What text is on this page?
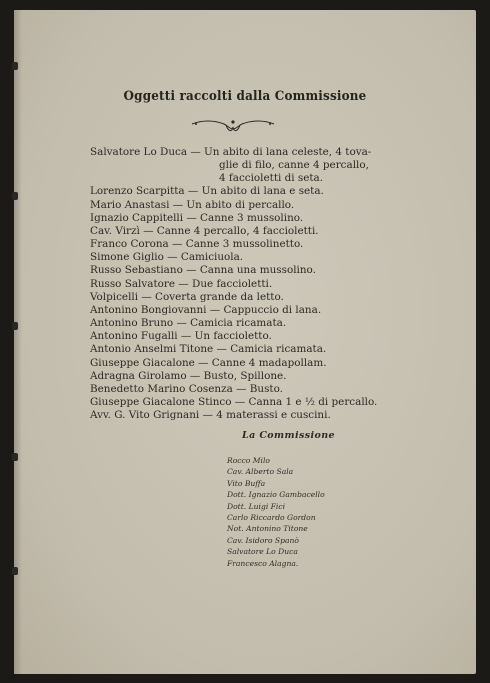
Oggetti raccolti dalla Commissione
Salvatore Lo Duca — Un abito di lana celeste, 4 tova-
glie di filo, canne 4 percallo,
4 faccioletti di seta.
Lorenzo Scarpitta — Un abito di lana e seta.
Mario Anastasi — Un abito di percallo.
Ignazio Cappitelli — Canne 3 mussolino.
Cav. Virzì — Canne 4 percallo, 4 faccioletti.
Franco Corona — Canne 3 mussolinetto.
Simone Giglio — Camiciuola.
Russo Sebastiano — Canna una mussolino.
Russo Salvatore — Due faccioletti.
Volpicelli — Coverta grande da letto.
Antonino Bongiovanni — Cappuccio di lana.
Antonino Bruno — Camicia ricamata.
Antonino Fugalli — Un faccioletto.
Antonio Anselmi Titone — Camicia ricamata.
Giuseppe Giacalone — Canne 4 madapollam.
Adragna Girolamo — Busto, Spillone.
Benedetto Marino Cosenza — Busto.
Giuseppe Giacalone Stinco — Canna 1 e ½ di percallo.
Avv. G. Vito Grignani — 4 materassi e cuscini.
La Commissione
Rocco Milo
Cav. Alberto Sala
Vito Buffa
Dott. Ignazio Gambacello
Dott. Luigi Fici
Carlo Riccardo Gordon
Not. Antonino Titone
Cav. Isidoro Spanò
Salvatore Lo Duca
Francesco Alagna.
